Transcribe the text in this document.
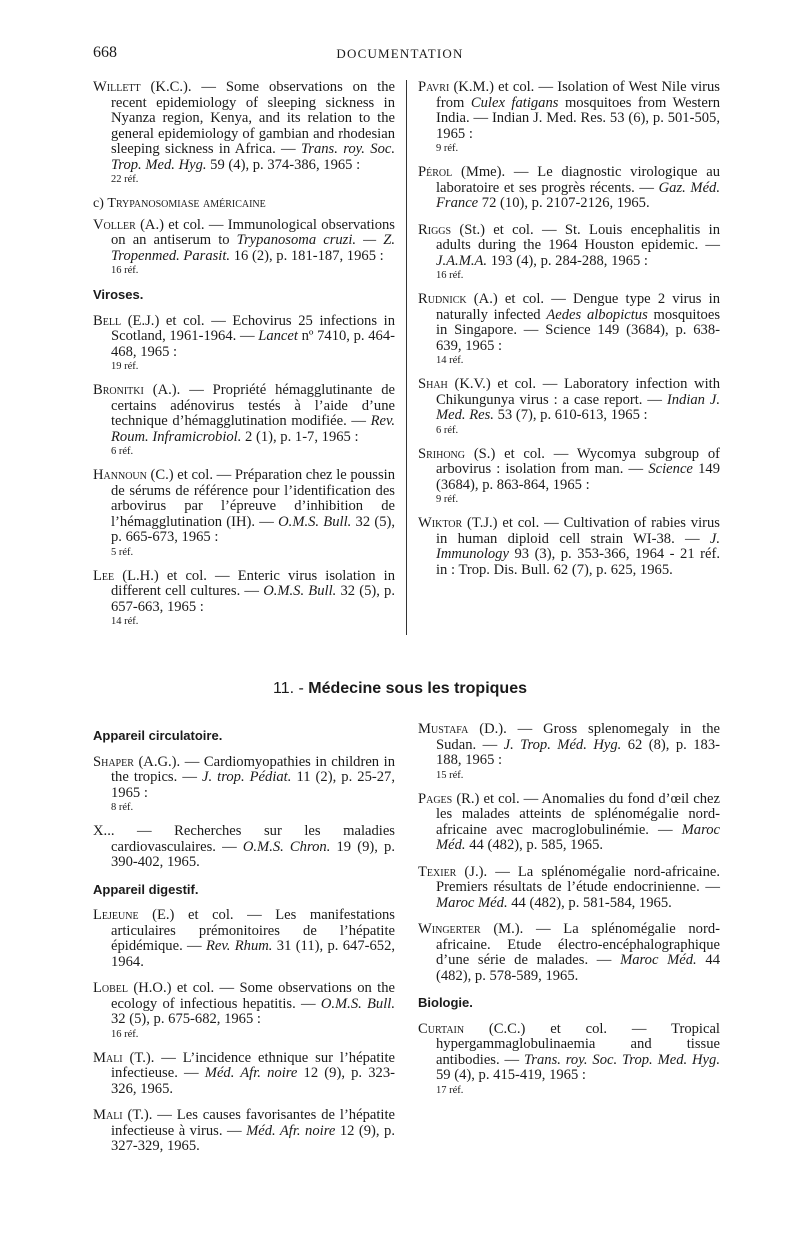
668	DOCUMENTATION

Willett (K.C.). — Some observations on the recent epidemiology of sleeping sickness in Nyanza region, Kenya, and its relation to the general epidemiology of gambian and rhodesian sleeping sickness in Africa. — Trans. roy. Soc. Trop. Med. Hyg. 59 (4), p. 374-386, 1965 :

22 réf.
c) Trypanosomiase américaine

Voller (A.) et col. — Immunological observations on an antiserum to Trypanosoma cruzi. — Z. Tropenmed. Parasit. 16 (2), p. 181-187, 1965 :

16 réf.
Viroses.

Bell (E.J.) et col. — Echovirus 25 infections in Scotland, 1961-1964. — Lancet nº 7410, p. 464-468, 1965 :

19 réf.

Bronitki (A.). — Propriété hémagglutinante de certains adénovirus testés à l’aide d’une technique d’hémagglutination modifiée. — Rev. Roum. Inframicrobiol. 2 (1), p. 1-7, 1965 :

6 réf.

Hannoun (C.) et col. — Préparation chez le poussin de sérums de référence pour l’identification des arbovirus par l’épreuve d’inhibition de l’hémagglutination (IH). — O.M.S. Bull. 32 (5), p. 665-673, 1965 :

5 réf.

Lee (L.H.) et col. — Enteric virus isolation in different cell cultures. — O.M.S. Bull. 32 (5), p. 657-663, 1965 :

14 réf.

Pavri (K.M.) et col. — Isolation of West Nile virus from Culex fatigans mosquitoes from Western India. — Indian J. Med. Res. 53 (6), p. 501-505, 1965 :

9 réf.

Pérol (Mme). — Le diagnostic virologique au laboratoire et ses progrès récents. — Gaz. Méd. France 72 (10), p. 2107-2126, 1965.

Riggs (St.) et col. — St. Louis encephalitis in adults during the 1964 Houston epidemic. — J.A.M.A. 193 (4), p. 284-288, 1965 :

16 réf.

Rudnick (A.) et col. — Dengue type 2 virus in naturally infected Aedes albopictus mosquitoes in Singapore. — Science 149 (3684), p. 638-639, 1965 :

14 réf.

Shah (K.V.) et col. — Laboratory infection with Chikungunya virus : a case report. — Indian J. Med. Res. 53 (7), p. 610-613, 1965 :

6 réf.

Srihong (S.) et col. — Wycomya subgroup of arbovirus : isolation from man. — Science 149 (3684), p. 863-864, 1965 :

9 réf.

Wiktor (T.J.) et col. — Cultivation of rabies virus in human diploid cell strain WI-38. — J. Immunology 93 (3), p. 353-366, 1964 - 21 réf. in : Trop. Dis. Bull. 62 (7), p. 625, 1965.

11. - Médecine sous les tropiques
Appareil circulatoire.

Shaper (A.G.). — Cardiomyopathies in children in the tropics. — J. trop. Pédiat. 11 (2), p. 25-27, 1965 :

8 réf.

X... — Recherches sur les maladies cardiovasculaires. — O.M.S. Chron. 19 (9), p. 390-402, 1965.

Appareil digestif.

Lejeune (E.) et col. — Les manifestations articulaires prémonitoires de l’hépatite épidémique. — Rev. Rhum. 31 (11), p. 647-652, 1964.

Lobel (H.O.) et col. — Some observations on the ecology of infectious hepatitis. — O.M.S. Bull. 32 (5), p. 675-682, 1965 :

16 réf.

Mali (T.). — L’incidence ethnique sur l’hépatite infectieuse. — Méd. Afr. noire 12 (9), p. 323-326, 1965.

Mali (T.). — Les causes favorisantes de l’hépatite infectieuse à virus. — Méd. Afr. noire 12 (9), p. 327-329, 1965.

Mustafa (D.). — Gross splenomegaly in the Sudan. — J. Trop. Méd. Hyg. 62 (8), p. 183-188, 1965 :

15 réf.

Pages (R.) et col. — Anomalies du fond d’œil chez les malades atteints de splénomégalie nord-africaine avec macroglobulinémie. — Maroc Méd. 44 (482), p. 585, 1965.

Texier (J.). — La splénomégalie nord-africaine. Premiers résultats de l’étude endocrinienne. — Maroc Méd. 44 (482), p. 581-584, 1965.

Wingerter (M.). — La splénomégalie nord-africaine. Etude électro-encéphalographique d’une série de malades. — Maroc Méd. 44 (482), p. 578-589, 1965.

Biologie.

Curtain (C.C.) et col. — Tropical hypergammaglobulinaemia and tissue antibodies. — Trans. roy. Soc. Trop. Med. Hyg. 59 (4), p. 415-419, 1965 :

17 réf.
